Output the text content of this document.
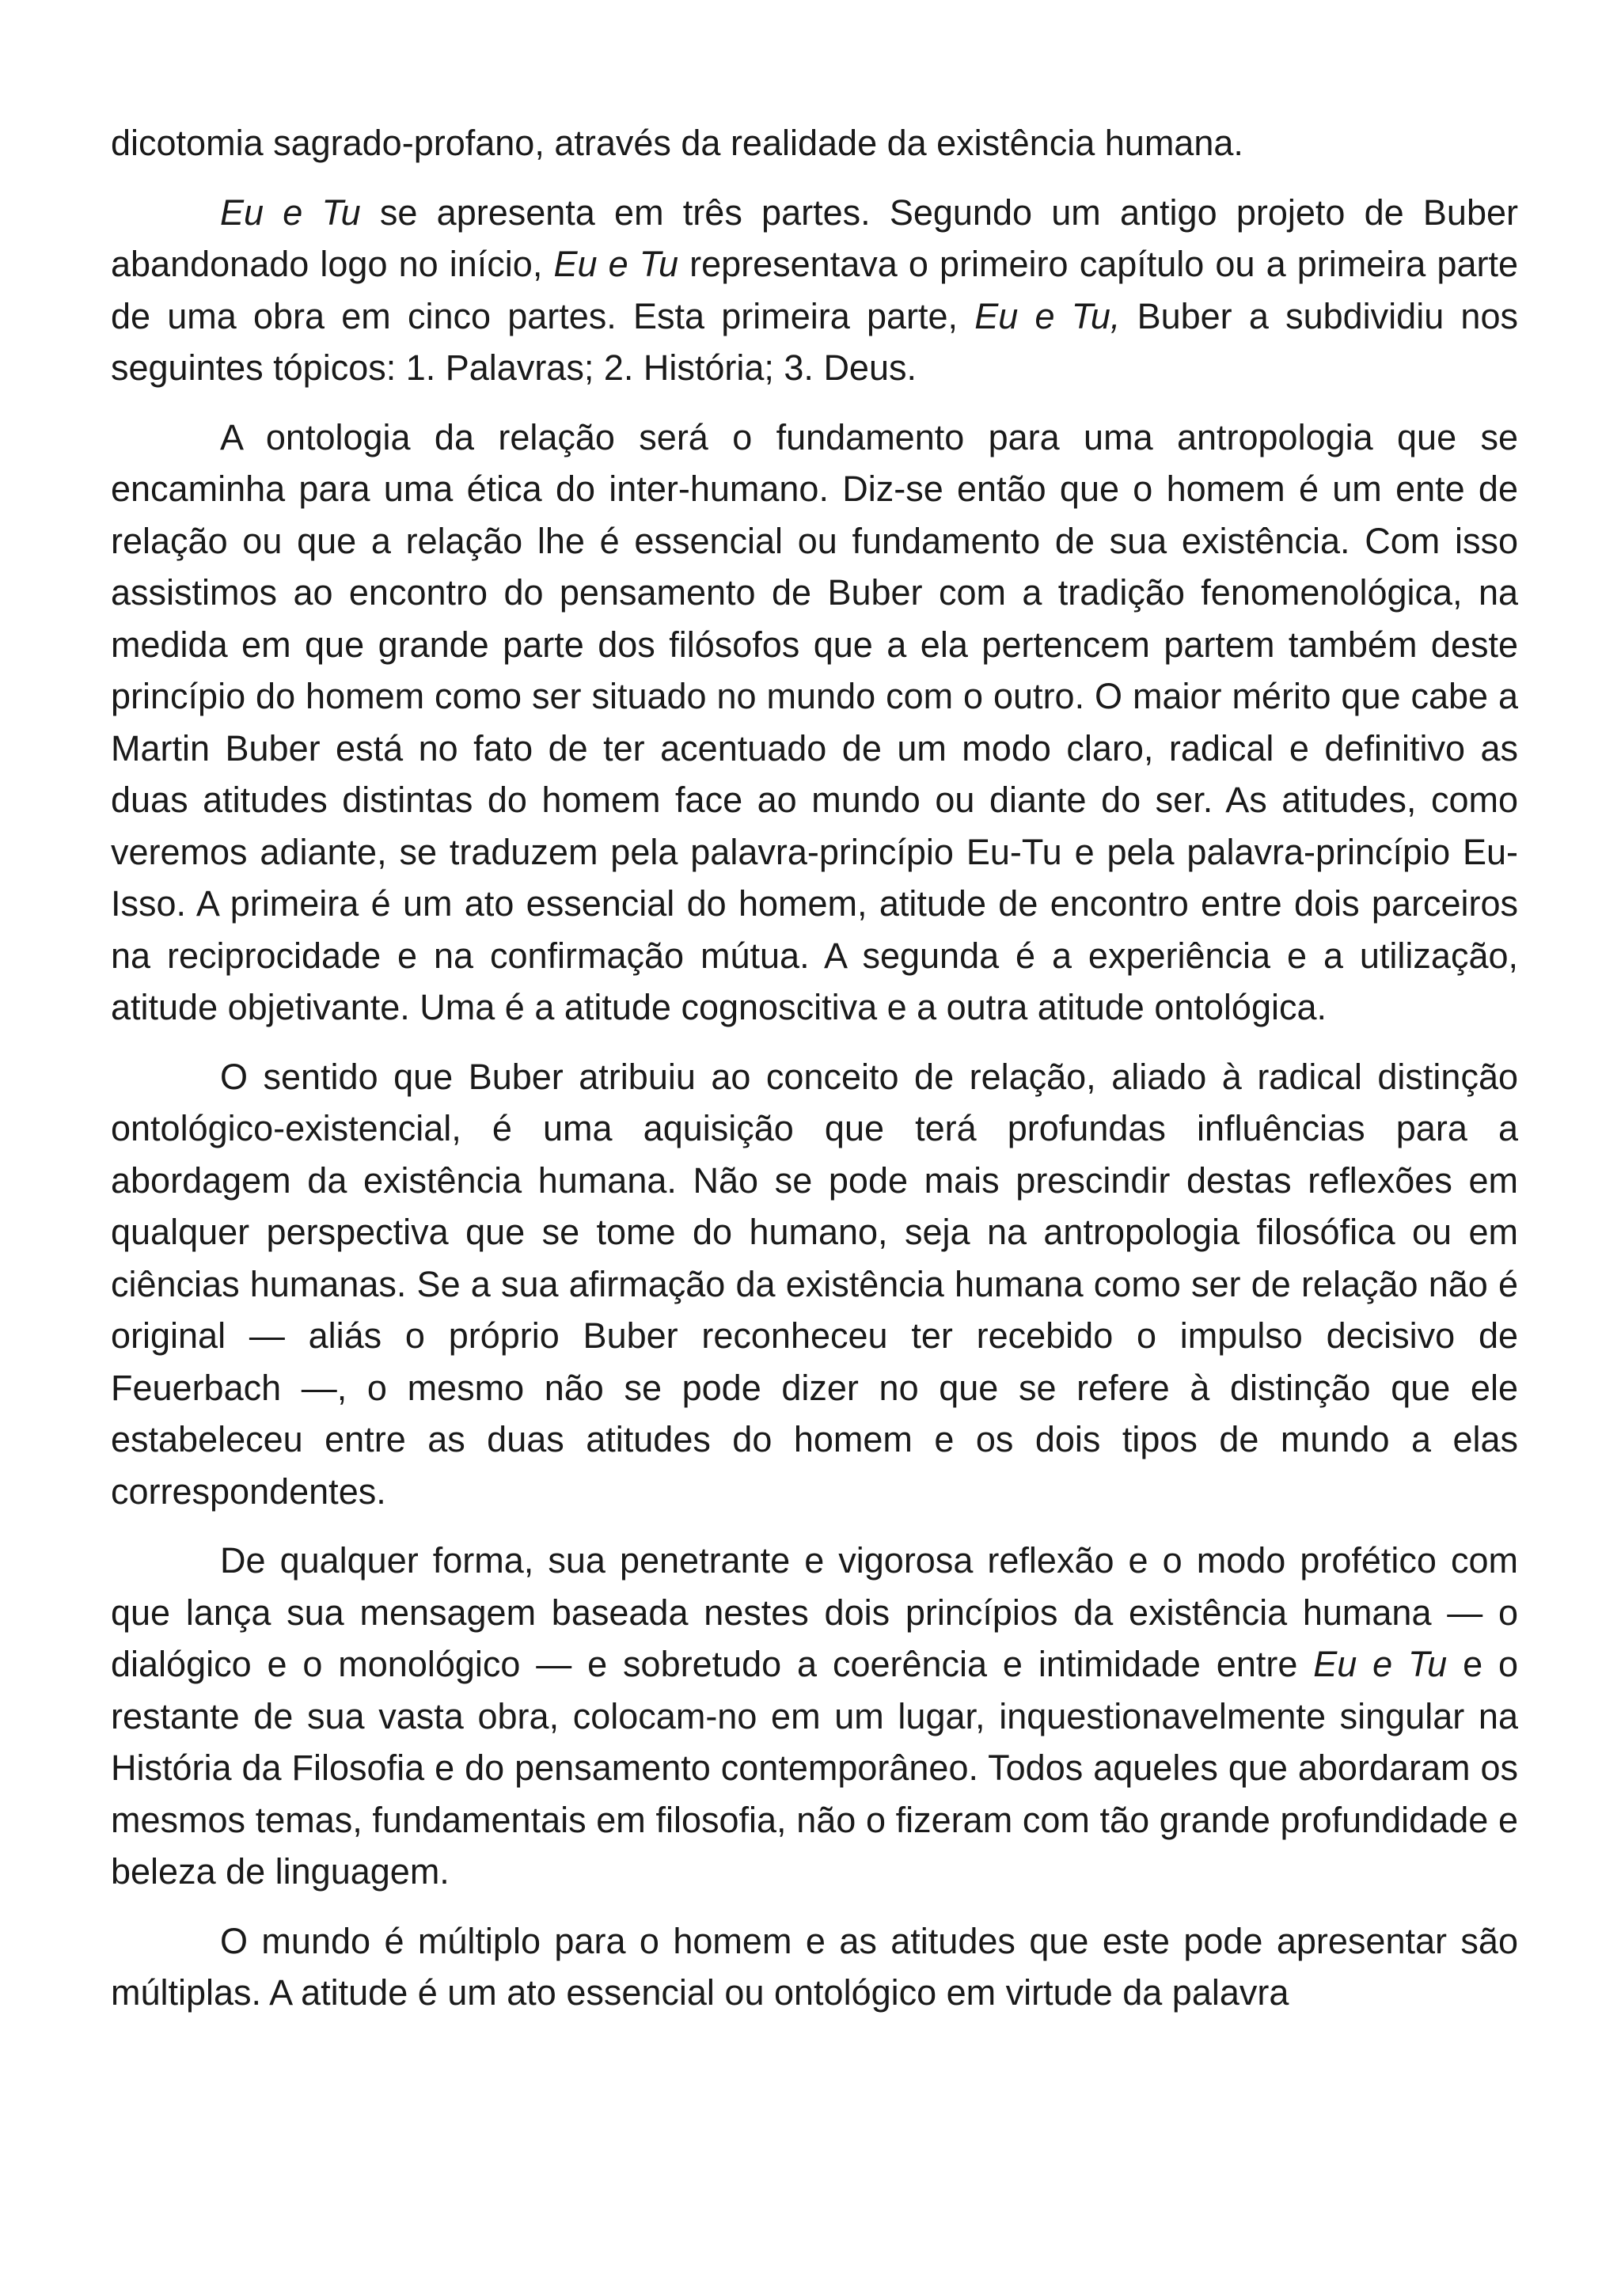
dicotomia sagrado-profano, através da realidade da existência humana.

Eu e Tu se apresenta em três partes. Segundo um antigo projeto de Buber abandonado logo no início, Eu e Tu representava o primeiro capítulo ou a primeira parte de uma obra em cinco partes. Esta primeira parte, Eu e Tu, Buber a subdividiu nos seguintes tópicos: 1. Palavras; 2. História; 3. Deus.

A ontologia da relação será o fundamento para uma antropologia que se encaminha para uma ética do inter-humano. Diz-se então que o homem é um ente de relação ou que a relação lhe é essencial ou fundamento de sua existência. Com isso assistimos ao encontro do pensamento de Buber com a tradição fenomenológica, na medida em que grande parte dos filósofos que a ela pertencem partem também deste princípio do homem como ser situado no mundo com o outro. O maior mérito que cabe a Martin Buber está no fato de ter acentuado de um modo claro, radical e definitivo as duas atitudes distintas do homem face ao mundo ou diante do ser. As atitudes, como veremos adiante, se traduzem pela palavra-princípio Eu-Tu e pela palavra-princípio Eu-Isso. A primeira é um ato essencial do homem, atitude de encontro entre dois parceiros na reciprocidade e na confirmação mútua. A segunda é a experiência e a utilização, atitude objetivante. Uma é a atitude cognoscitiva e a outra atitude ontológica.

O sentido que Buber atribuiu ao conceito de relação, aliado à radical distinção ontológico-existencial, é uma aquisição que terá profundas influências para a abordagem da existência humana. Não se pode mais prescindir destas reflexões em qualquer perspectiva que se tome do humano, seja na antropologia filosófica ou em ciências humanas. Se a sua afirmação da existência humana como ser de relação não é original — aliás o próprio Buber reconheceu ter recebido o impulso decisivo de Feuerbach —, o mesmo não se pode dizer no que se refere à distinção que ele estabeleceu entre as duas atitudes do homem e os dois tipos de mundo a elas correspondentes.

De qualquer forma, sua penetrante e vigorosa reflexão e o modo profético com que lança sua mensagem baseada nestes dois princípios da existência humana — o dialógico e o monológico — e sobretudo a coerência e intimidade entre Eu e Tu e o restante de sua vasta obra, colocam-no em um lugar, inquestionavelmente singular na História da Filosofia e do pensamento contemporâneo. Todos aqueles que abordaram os mesmos temas, fundamentais em filosofia, não o fizeram com tão grande profundidade e beleza de linguagem.

O mundo é múltiplo para o homem e as atitudes que este pode apresentar são múltiplas. A atitude é um ato essencial ou ontológico em virtude da palavra
